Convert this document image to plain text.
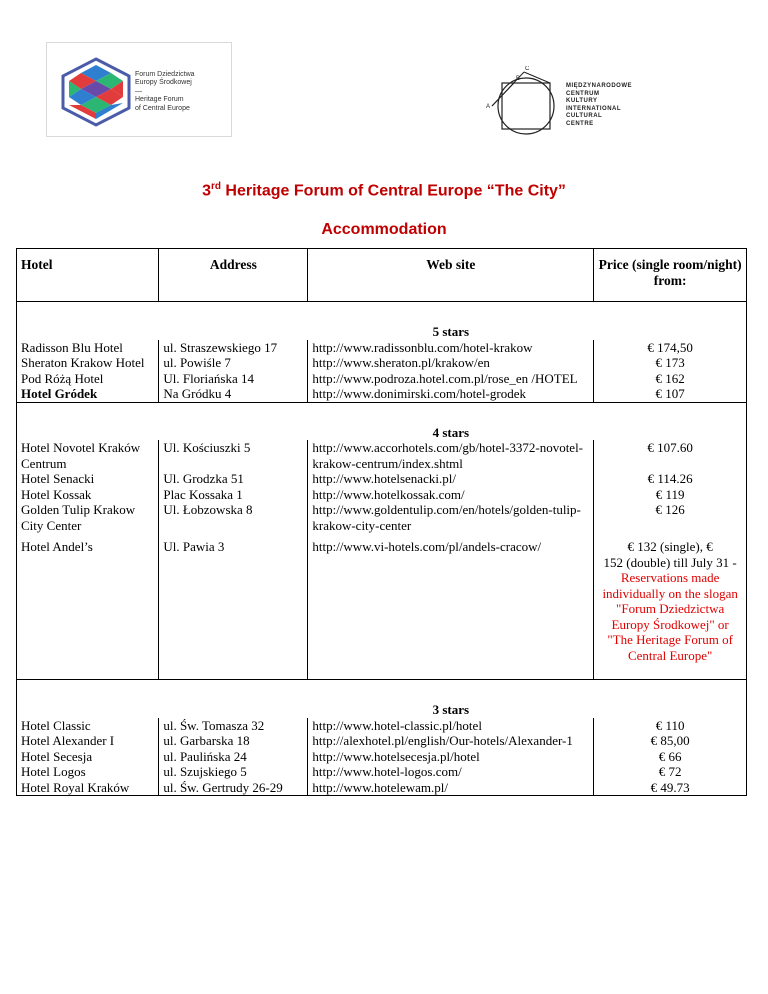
Forum Dziedzictwa
Europy Środkowej
—
Heritage Forum
of Central Europe	A
B
C
MIĘDZYNARODOWE
CENTRUM
KULTURY
INTERNATIONAL
CULTURAL
CENTRE
3rd Heritage Forum of Central Europe “The City”
Accommodation
Hotel	Address	Web site	Price (single room/night) from:
		5 stars	
Radisson Blu Hotel	ul. Straszewskiego 17	http://www.radissonblu.com/hotel-krakow	€ 174,50
Sheraton Krakow Hotel	ul. Powiśle 7	http://www.sheraton.pl/krakow/en	€ 173
Pod Różą Hotel	Ul. Floriańska 14	http://www.podroza.hotel.com.pl/rose_en /HOTEL	€ 162
Hotel Gródek	Na Gródku 4	http://www.donimirski.com/hotel-grodek	€ 107
		4 stars	
Hotel Novotel Kraków Centrum	Ul. Kościuszki 5	http://www.accorhotels.com/gb/hotel-3372-novotel-krakow-centrum/index.shtml	€ 107.60
Hotel Senacki	Ul. Grodzka 51	http://www.hotelsenacki.pl/	€ 114.26
Hotel Kossak	Plac Kossaka 1	http://www.hotelkossak.com/	€ 119
Golden Tulip Krakow City Center	Ul. Łobzowska 8	http://www.goldentulip.com/en/hotels/golden-tulip-krakow-city-center	€ 126
Hotel Andel’s	Ul. Pawia 3	http://www.vi-hotels.com/pl/andels-cracow/	€ 132 (single), €
152 (double) till July 31 -
Reservations made individually on the slogan "Forum Dziedzictwa Europy Środkowej" or "The Heritage Forum of Central Europe"

		3 stars	
Hotel Classic	ul. Św. Tomasza 32	http://www.hotel-classic.pl/hotel	€ 110
Hotel Alexander I	ul. Garbarska 18	http://alexhotel.pl/english/Our-hotels/Alexander-1	€ 85,00
Hotel Secesja	ul. Paulińska 24	http://www.hotelsecesja.pl/hotel	€ 66
Hotel Logos	ul. Szujskiego 5	http://www.hotel-logos.com/	€ 72
Hotel Royal Kraków	ul. Św. Gertrudy 26-29	http://www.hotelewam.pl/	€ 49.73
